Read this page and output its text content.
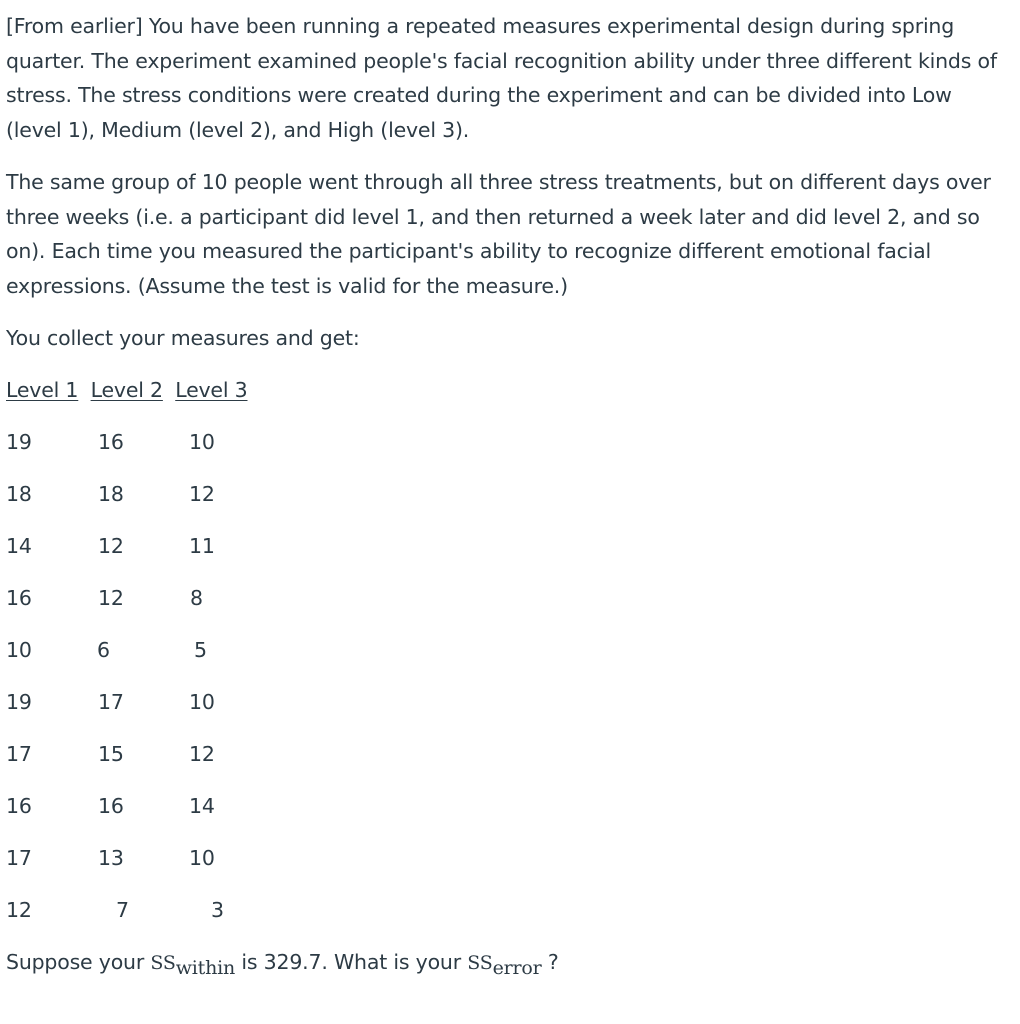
[From earlier] You have been running a repeated measures experimental design during spring quarter. The experiment examined people's facial recognition ability under three different kinds of stress. The stress conditions were created during the experiment and can be divided into Low (level 1), Medium (level 2), and High (level 3).

The same group of 10 people went through all three stress treatments, but on different days over three weeks (i.e. a participant did level 1, and then returned a week later and did level 2, and so on). Each time you measured the participant's ability to recognize different emotional facial expressions. (Assume the test is valid for the measure.)

You collect your measures and get:

Level 1 Level 2 Level 3
19	16	10
18	18	12
14	12	11
16	12	8
10	6	5
19	17	10
17	15	12
16	16	14
17	13	10
12	7	3
Suppose your SSwithin is 329.7. What is your SSerror ?
